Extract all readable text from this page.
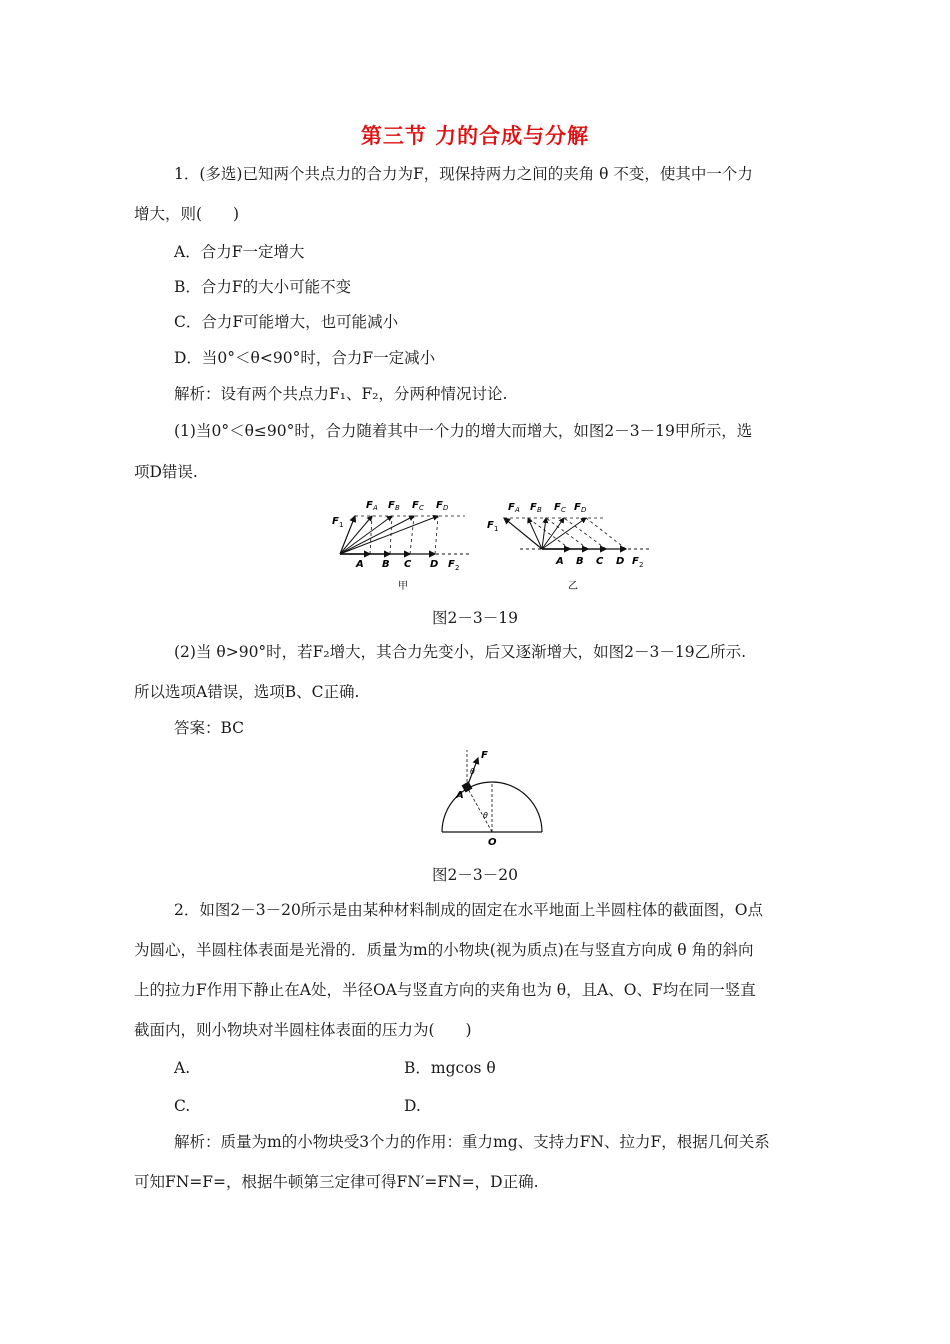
第三节 力的合成与分解
1．(多选)已知两个共点力的合力为F，现保持两力之间的夹角 θ 不变，使其中一个力
增大，则(　　)
A．合力F一定增大
B．合力F的大小可能不变
C．合力F可能增大，也可能减小
D．当0°＜θ<90°时，合力F一定减小
解析：设有两个共点力F₁、F₂，分两种情况讨论.
(1)当0°＜θ≤90°时，合力随着其中一个力的增大而增大，如图2－3－19甲所示，选
项D错误.
F A F B F C F D
F 1
A B C D F 2
甲
F A F B F C F D
F 1
A B C D F 2
乙
图2－3－19
(2)当 θ>90°时，若F₂增大，其合力先变小，后又逐渐增大，如图2－3－19乙所示.
所以选项A错误，选项B、C正确.
答案：BC
F
θ
θ
A
O
图2－3－20
2．如图2－3－20所示是由某种材料制成的固定在水平地面上半圆柱体的截面图，O点
为圆心，半圆柱体表面是光滑的．质量为m的小物块(视为质点)在与竖直方向成 θ 角的斜向
上的拉力F作用下静止在A处，半径OA与竖直方向的夹角也为 θ，且A、O、F均在同一竖直
截面内，则小物块对半圆柱体表面的压力为(　　)
A.	B．mgcos θ
C.	D.
解析：质量为m的小物块受3个力的作用：重力mg、支持力FN、拉力F，根据几何关系
可知FN=F=，根据牛顿第三定律可得FN′=FN=，D正确.
